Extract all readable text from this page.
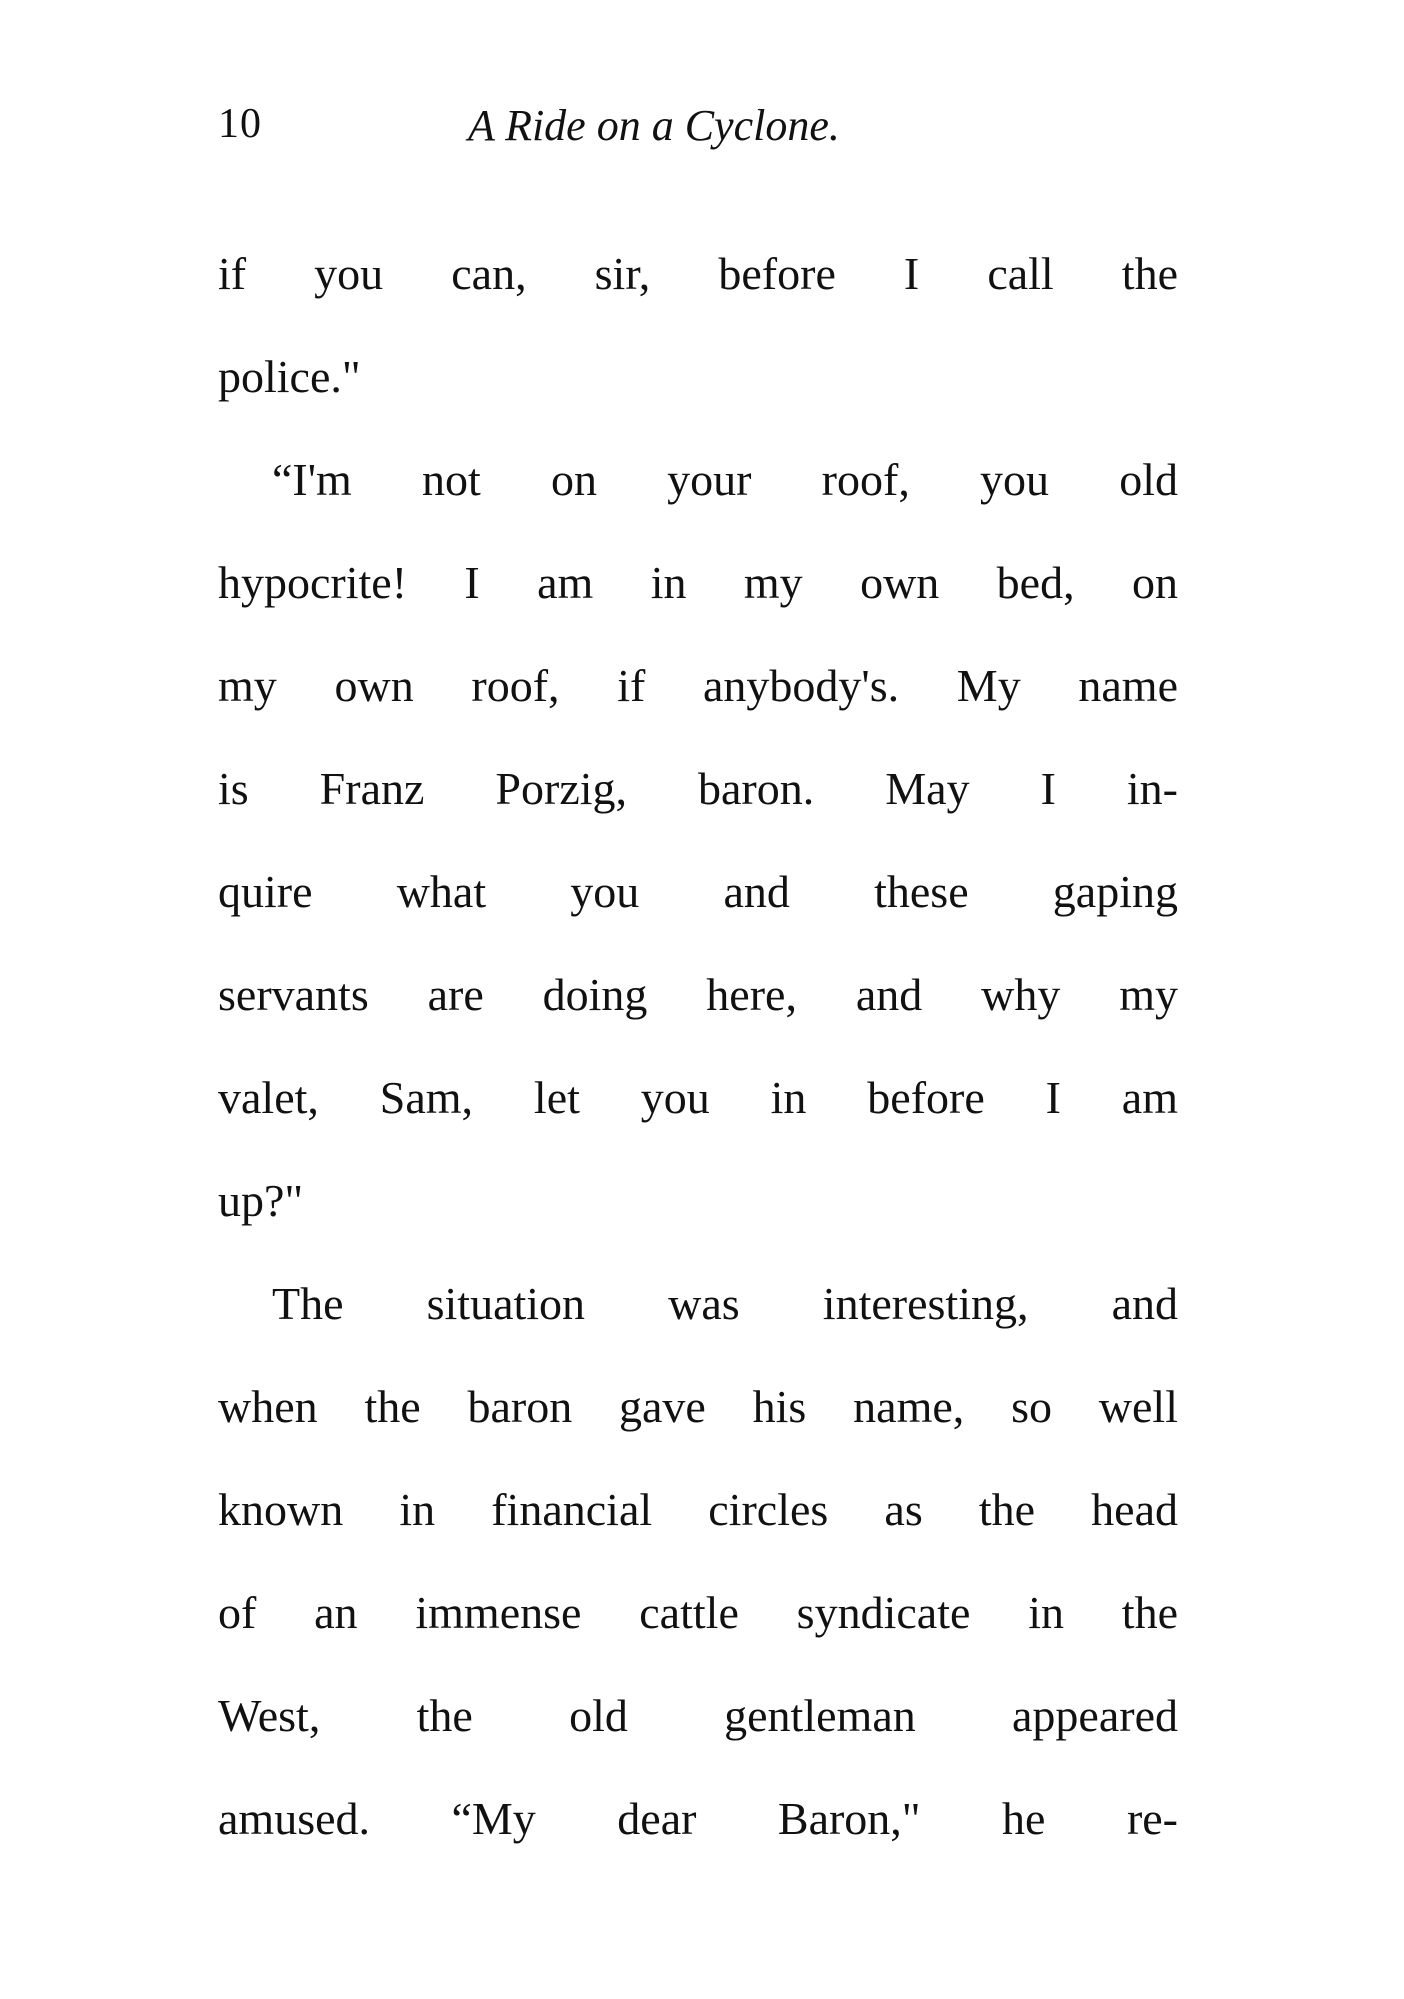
10	A Ride on a Cyclone.
if you can, sir, before I call the
police."
“I'm not on your roof, you old
hypocrite! I am in my own bed, on
my own roof, if anybody's. My name
is Franz Porzig, baron. May I in-
quire what you and these gaping
servants are doing here, and why my
valet, Sam, let you in before I am
up?"
The situation was interesting, and
when the baron gave his name, so well
known in financial circles as the head
of an immense cattle syndicate in the
West, the old gentleman appeared
amused. “My dear Baron," he re-
